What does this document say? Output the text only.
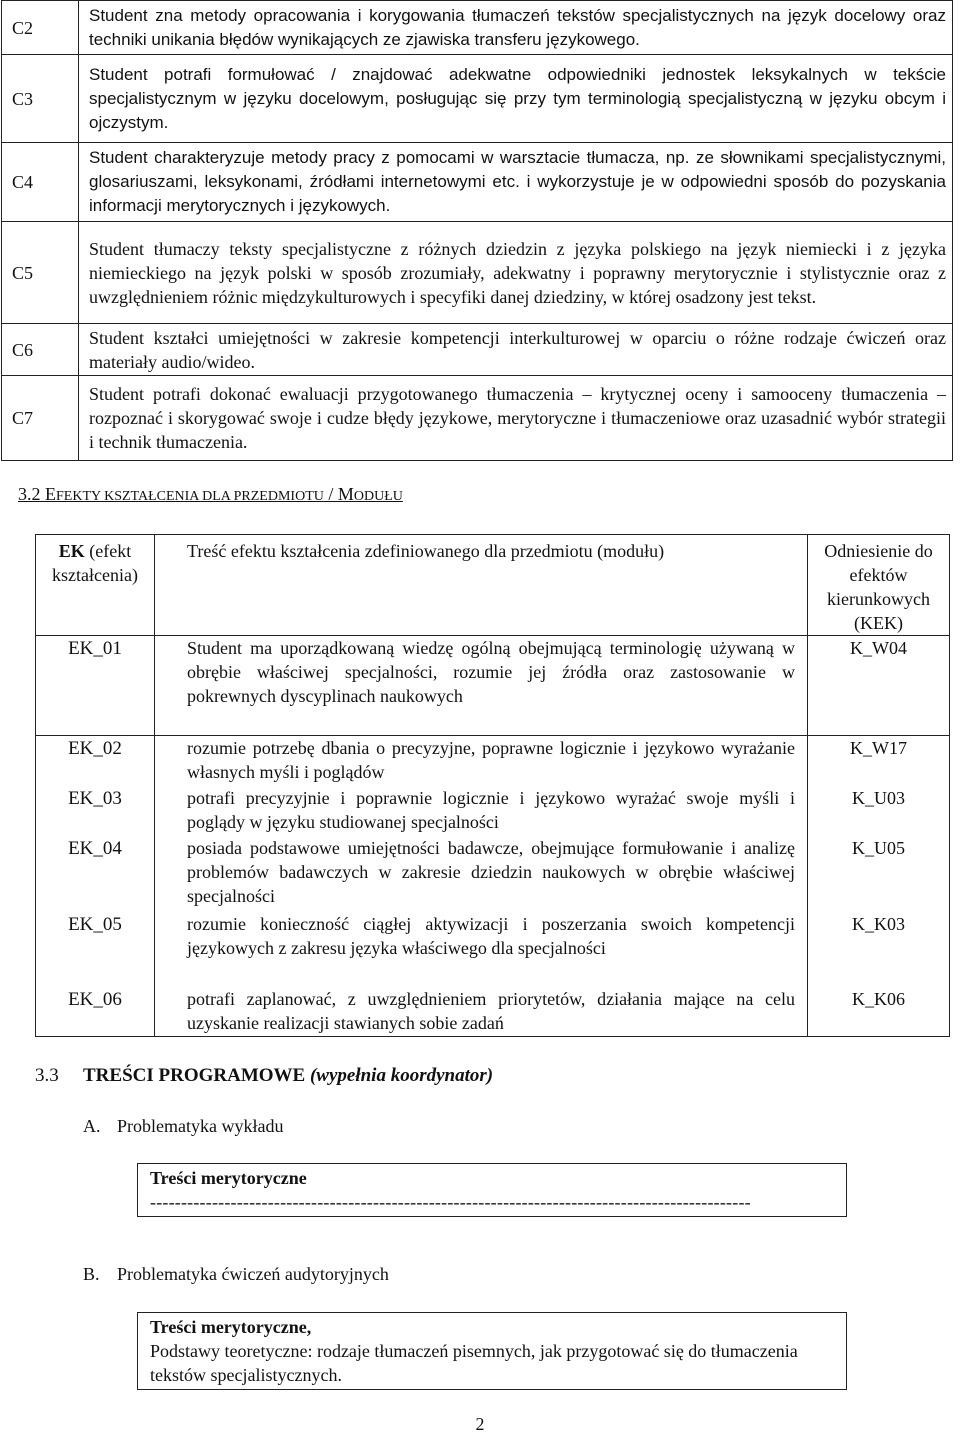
C2	Student zna metody opracowania i korygowania tłumaczeń tekstów specjalistycznych na język docelowy oraz techniki unikania błędów wynikających ze zjawiska transferu językowego.
C3	Student potrafi formułować / znajdować adekwatne odpowiedniki jednostek leksykalnych w tekście specjalistycznym w języku docelowym, posługując się przy tym terminologią specjalistyczną w języku obcym i ojczystym.
C4	Student charakteryzuje metody pracy z pomocami w warsztacie tłumacza, np. ze słownikami specjalistycznymi, glosariuszami, leksykonami, źródłami internetowymi etc. i wykorzystuje je w odpowiedni sposób do pozyskania informacji merytorycznych i językowych.
C5	Student tłumaczy teksty specjalistyczne z różnych dziedzin z języka polskiego na język niemiecki i z języka niemieckiego na język polski w sposób zrozumiały, adekwatny i poprawny merytorycznie i stylistycznie oraz z uwzględnieniem różnic międzykulturowych i specyfiki danej dziedziny, w której osadzony jest tekst.
C6	Student kształci umiejętności w zakresie kompetencji interkulturowej w oparciu o różne rodzaje ćwiczeń oraz materiały audio/wideo.
C7	Student potrafi dokonać ewaluacji przygotowanego tłumaczenia – krytycznej oceny i samooceny tłumaczenia – rozpoznać i skorygować swoje i cudze błędy językowe, merytoryczne i tłumaczeniowe oraz uzasadnić wybór strategii i technik tłumaczenia.
3.2 EFEKTY KSZTAŁCENIA DLA PRZEDMIOTU / MODUŁU
EK (efekt kształcenia)	Treść efektu kształcenia zdefiniowanego dla przedmiotu (modułu)	Odniesienie do efektów kierunkowych
(KEK)
EK_01	Student ma uporządkowaną wiedzę ogólną obejmującą terminologię używaną w obrębie właściwej specjalności, rozumie jej źródła oraz zastosowanie w pokrewnych dyscyplinach naukowych	K_W04
EK_02	rozumie potrzebę dbania o precyzyjne, poprawne logicznie i językowo wyrażanie własnych myśli i poglądów	K_W17
EK_03	potrafi precyzyjnie i poprawnie logicznie i językowo wyrażać swoje myśli i poglądy w języku studiowanej specjalności	K_U03
EK_04	posiada podstawowe umiejętności badawcze, obejmujące formułowanie i analizę problemów badawczych w zakresie dziedzin naukowych w obrębie właściwej specjalności	K_U05
EK_05	rozumie konieczność ciągłej aktywizacji i poszerzania swoich kompetencji językowych z zakresu języka właściwego dla specjalności	K_K03
EK_06	potrafi zaplanować, z uwzględnieniem priorytetów, działania mające na celu uzyskanie realizacji stawianych sobie zadań	K_K06
3.3 TREŚCI PROGRAMOWE (wypełnia koordynator)
A. Problematyka wykładu
Treści merytoryczne
-------------------------------------------------------------------------------------------------
B. Problematyka ćwiczeń audytoryjnych
Treści merytoryczne,
Podstawy teoretyczne: rodzaje tłumaczeń pisemnych, jak przygotować się do tłumaczenia tekstów specjalistycznych.
2
